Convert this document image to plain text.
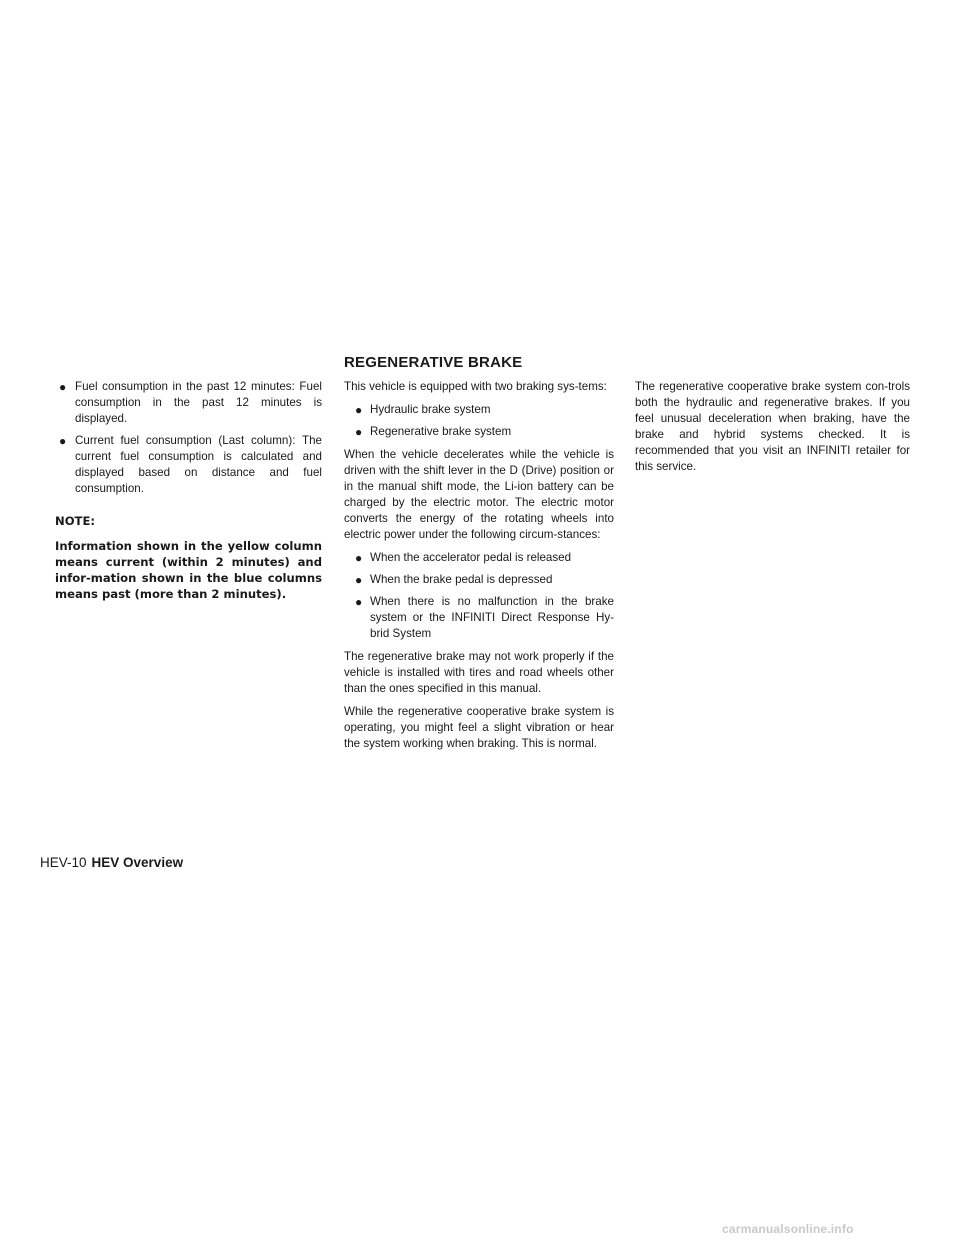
REGENERATIVE BRAKE
● Fuel consumption in the past 12 minutes: Fuel consumption in the past 12 minutes is displayed.
● Current fuel consumption (Last column): The current fuel consumption is calculated and displayed based on distance and fuel consumption.
NOTE:
Information shown in the yellow column means current (within 2 minutes) and infor-mation shown in the blue columns means past (more than 2 minutes).

This vehicle is equipped with two braking sys-tems:

● Hydraulic brake system
● Regenerative brake system

When the vehicle decelerates while the vehicle is driven with the shift lever in the D (Drive) position or in the manual shift mode, the Li-ion battery can be charged by the electric motor. The electric motor converts the energy of the rotating wheels into electric power under the following circum-stances:

● When the accelerator pedal is released
● When the brake pedal is depressed
● When there is no malfunction in the brake system or the INFINITI Direct Response Hy-brid System

The regenerative brake may not work properly if the vehicle is installed with tires and road wheels other than the ones specified in this manual.

While the regenerative cooperative brake system is operating, you might feel a slight vibration or hear the system working when braking. This is normal.

The regenerative cooperative brake system con-trols both the hydraulic and regenerative brakes. If you feel unusual deceleration when braking, have the brake and hybrid systems checked. It is recommended that you visit an INFINITI retailer for this service.

HEV-10 HEV Overview
carmanualsonline.info
